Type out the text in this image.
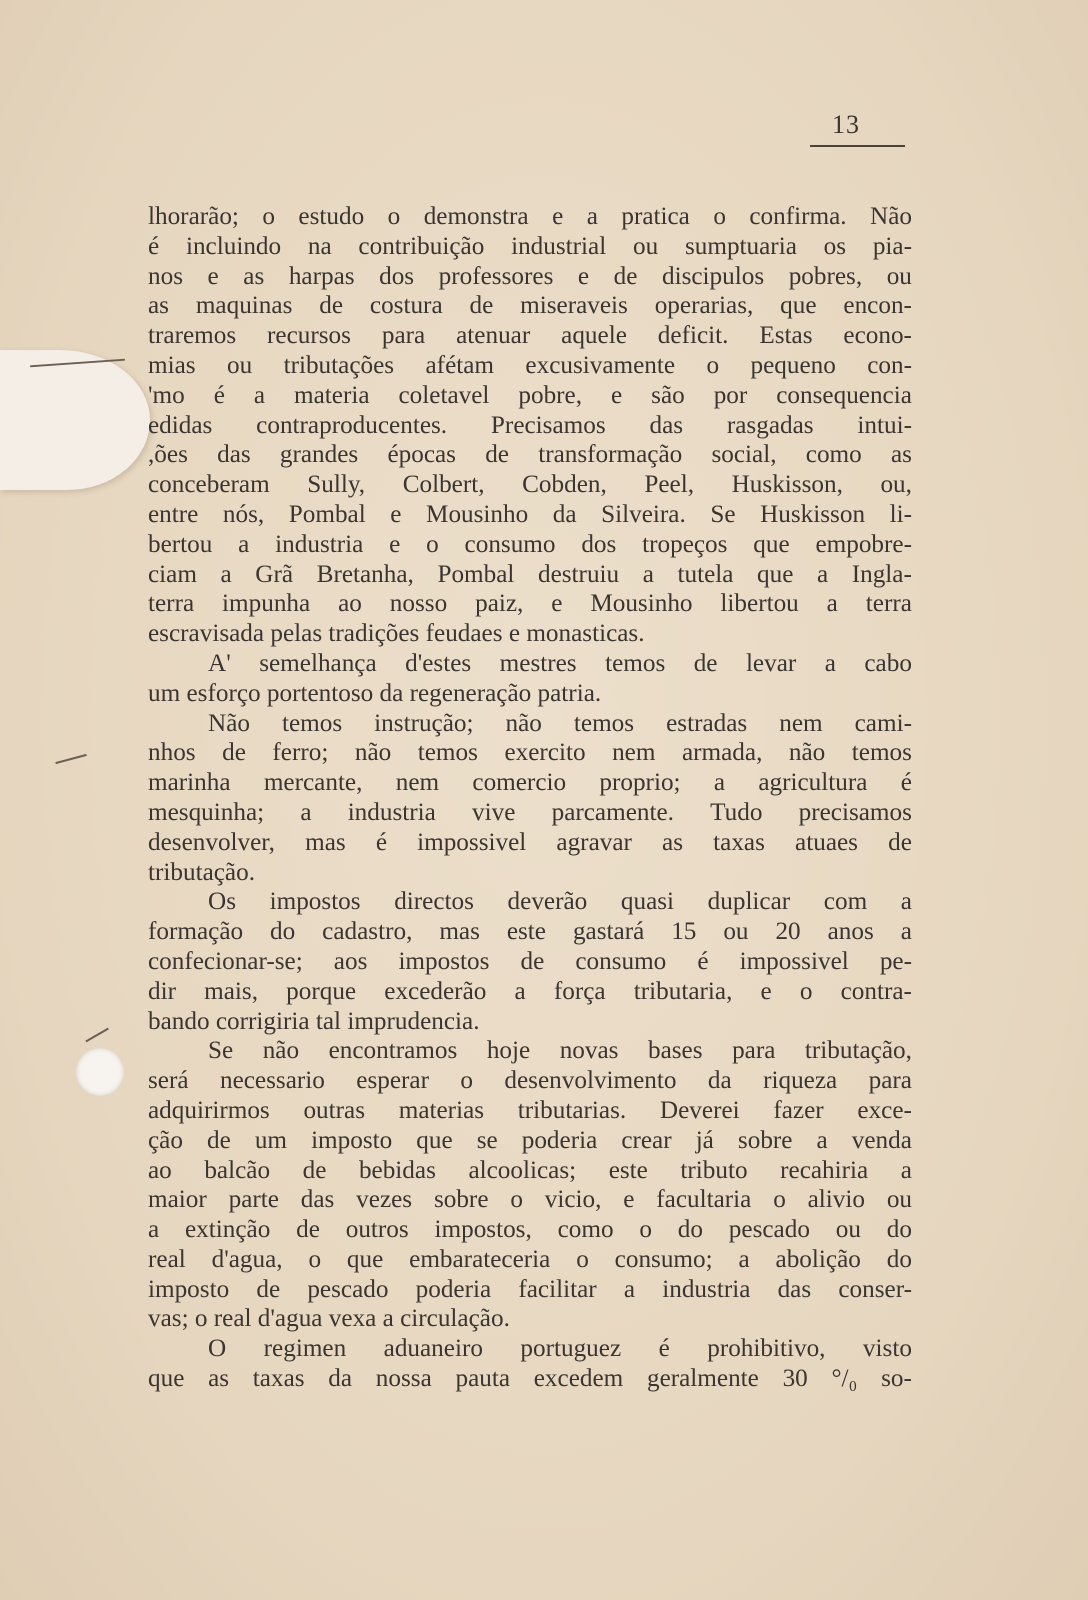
13
lhorarão; o estudo o demonstra e a pratica o confirma. Não
é incluindo na contribuição industrial ou sumptuaria os pia-
nos e as harpas dos professores e de discipulos pobres, ou
as maquinas de costura de miseraveis operarias, que encon-
traremos recursos para atenuar aquele deficit. Estas econo-
mias ou tributações afétam excusivamente o pequeno con-
'mo é a materia coletavel pobre, e são por consequencia
edidas contraproducentes. Precisamos das rasgadas intui-
,ões das grandes épocas de transformação social, como as
conceberam Sully, Colbert, Cobden, Peel, Huskisson, ou,
entre nós, Pombal e Mousinho da Silveira. Se Huskisson li-
bertou a industria e o consumo dos tropeços que empobre-
ciam a Grã Bretanha, Pombal destruiu a tutela que a Ingla-
terra impunha ao nosso paiz, e Mousinho libertou a terra
escravisada pelas tradições feudaes e monasticas.
A' semelhança d'estes mestres temos de levar a cabo
um esforço portentoso da regeneração patria.
Não temos instrução; não temos estradas nem cami-
nhos de ferro; não temos exercito nem armada, não temos
marinha mercante, nem comercio proprio; a agricultura é
mesquinha; a industria vive parcamente. Tudo precisamos
desenvolver, mas é impossivel agravar as taxas atuaes de
tributação.
Os impostos directos deverão quasi duplicar com a
formação do cadastro, mas este gastará 15 ou 20 anos a
confecionar-se; aos impostos de consumo é impossivel pe-
dir mais, porque excederão a força tributaria, e o contra-
bando corrigiria tal imprudencia.
Se não encontramos hoje novas bases para tributação,
será necessario esperar o desenvolvimento da riqueza para
adquirirmos outras materias tributarias. Deverei fazer exce-
ção de um imposto que se poderia crear já sobre a venda
ao balcão de bebidas alcoolicas; este tributo recahiria a
maior parte das vezes sobre o vicio, e facultaria o alivio ou
a extinção de outros impostos, como o do pescado ou do
real d'agua, o que embarateceria o consumo; a abolição do
imposto de pescado poderia facilitar a industria das conser-
vas; o real d'agua vexa a circulação.
O regimen aduaneiro portuguez é prohibitivo, visto
que as taxas da nossa pauta excedem geralmente 30 °/₀ so-
